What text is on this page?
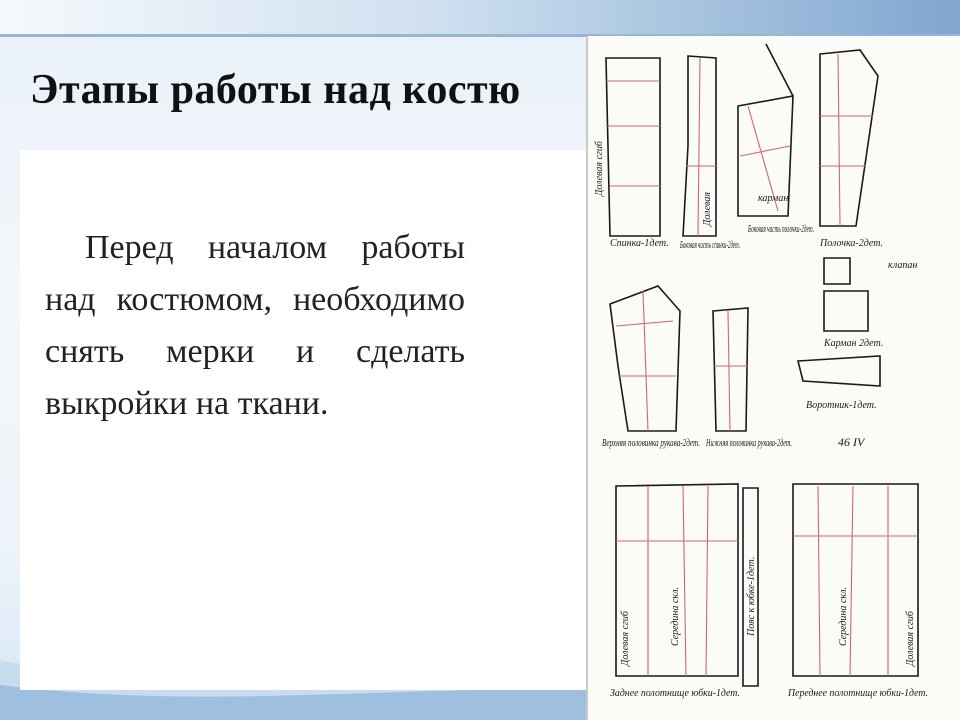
Этапы работы над костю

Перед началом работы над костюмом, необходимо снять мерки и сделать выкройки на ткани.

Спинка-1дет. Боковая часть спинки-2дет.
Боковая часть полочки-2дет.
Полочка-2дет.
клапан
Карман 2дет.
Воротник-1дет.
Верхняя половинка рукава-2дет. Нижняя половинка рукава-2дет.	46 IV
Заднее полотнище юбки-1дет.	Переднее полотнище юбки-1дет.
Пояс к юбке-1дет.
Долевая сгиб
Долевая сгиб	Долевая сгиб
Середина скл.	Середина скл.
Долевая	карман
